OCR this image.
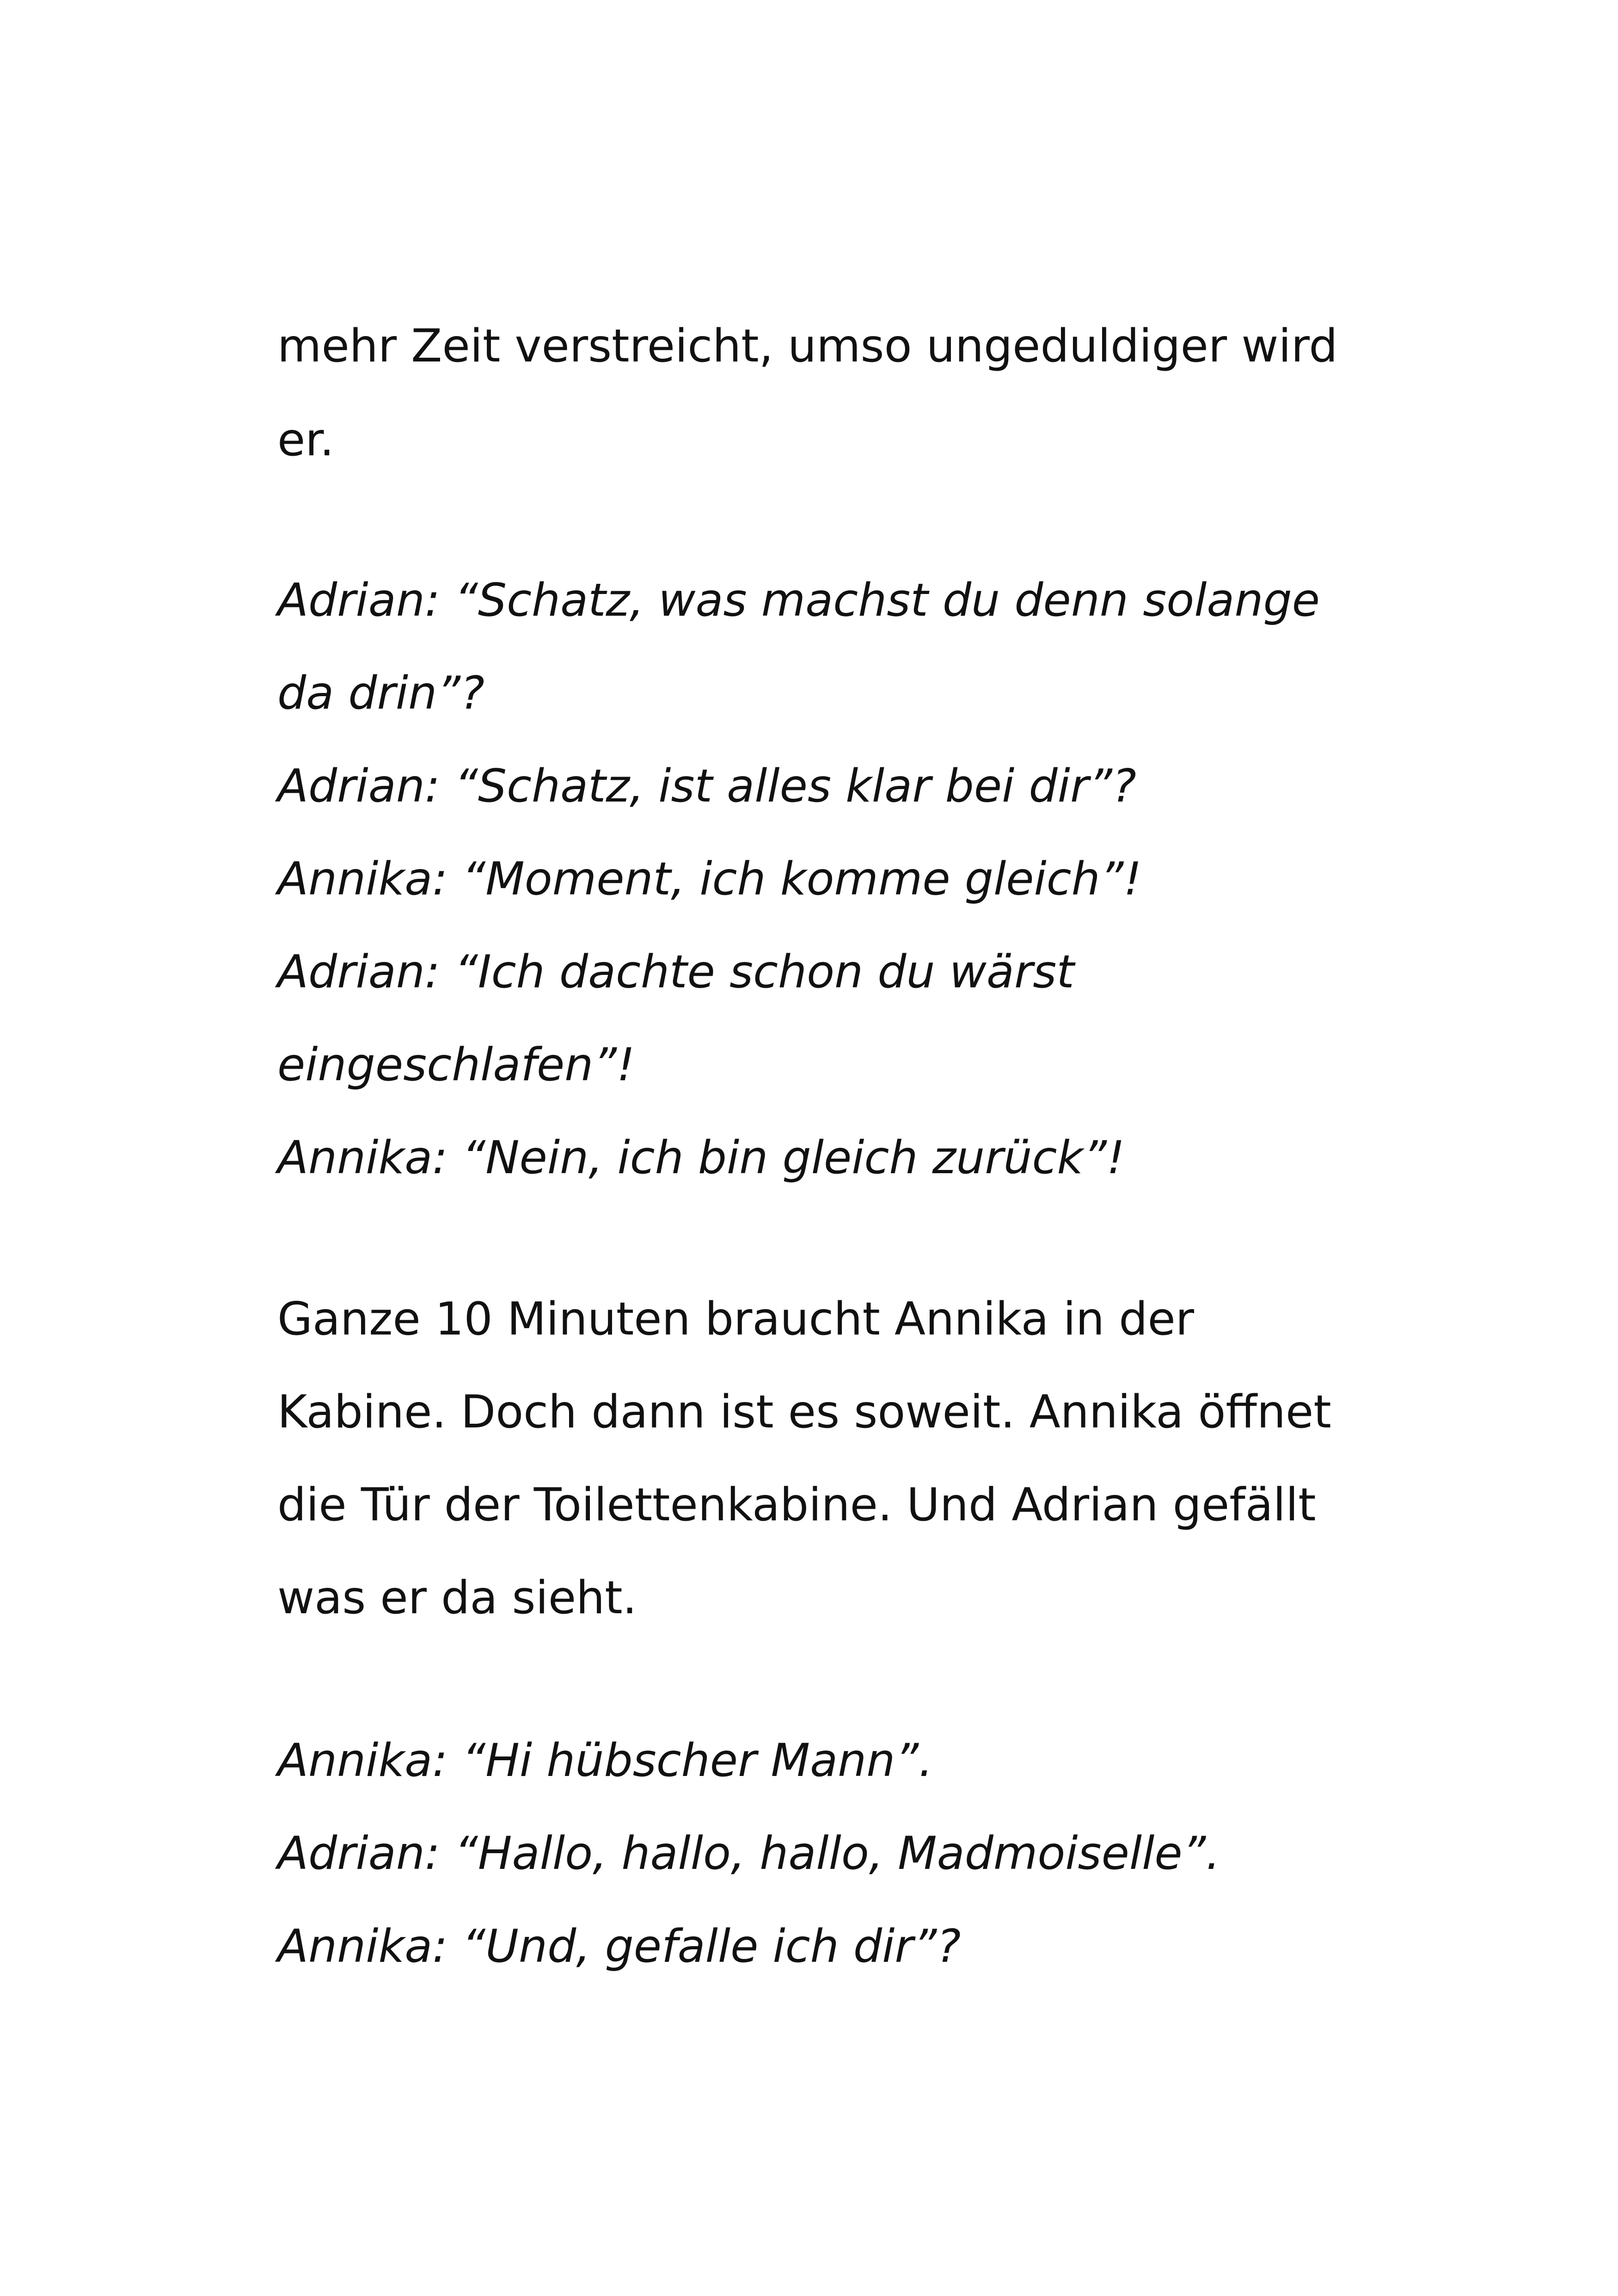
mehr Zeit verstreicht, umso ungeduldiger wird

er.

Adrian: “Schatz, was machst du denn solange

da drin”?

Adrian: “Schatz, ist alles klar bei dir”?

Annika: “Moment, ich komme gleich”!

Adrian: “Ich dachte schon du wärst

eingeschlafen”!

Annika: “Nein, ich bin gleich zurück”!

Ganze 10 Minuten braucht Annika in der

Kabine. Doch dann ist es soweit. Annika öffnet

die Tür der Toilettenkabine. Und Adrian gefällt

was er da sieht.

Annika: “Hi hübscher Mann”.

Adrian: “Hallo, hallo, hallo, Madmoiselle”.

Annika: “Und, gefalle ich dir”?
